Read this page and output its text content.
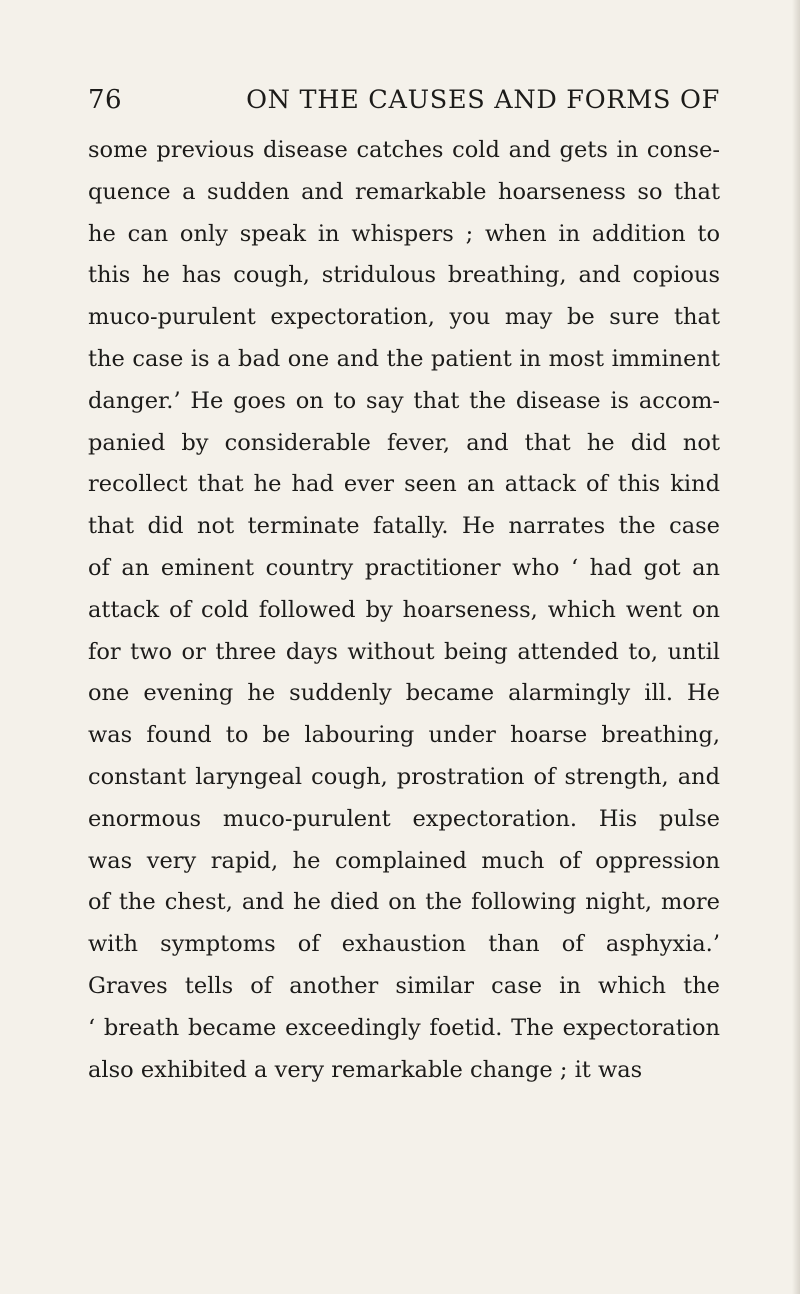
76	ON THE CAUSES AND FORMS OF
some previous disease catches cold and gets in conse-
quence a sudden and remarkable hoarseness so that
he can only speak in whispers ; when in addition to
this he has cough, stridulous breathing, and copious
muco-purulent expectoration, you may be sure that
the case is a bad one and the patient in most imminent
danger.’ He goes on to say that the disease is accom-
panied by considerable fever, and that he did not
recollect that he had ever seen an attack of this kind
that did not terminate fatally. He narrates the case
of an eminent country practitioner who ‘ had got an
attack of cold followed by hoarseness, which went on
for two or three days without being attended to, until
one evening he suddenly became alarmingly ill. He
was found to be labouring under hoarse breathing,
constant laryngeal cough, prostration of strength, and
enormous muco-purulent expectoration. His pulse
was very rapid, he complained much of oppression
of the chest, and he died on the following night, more
with symptoms of exhaustion than of asphyxia.’
Graves tells of another similar case in which the
‘ breath became exceedingly foetid. The expectoration
also exhibited a very remarkable change ; it was
